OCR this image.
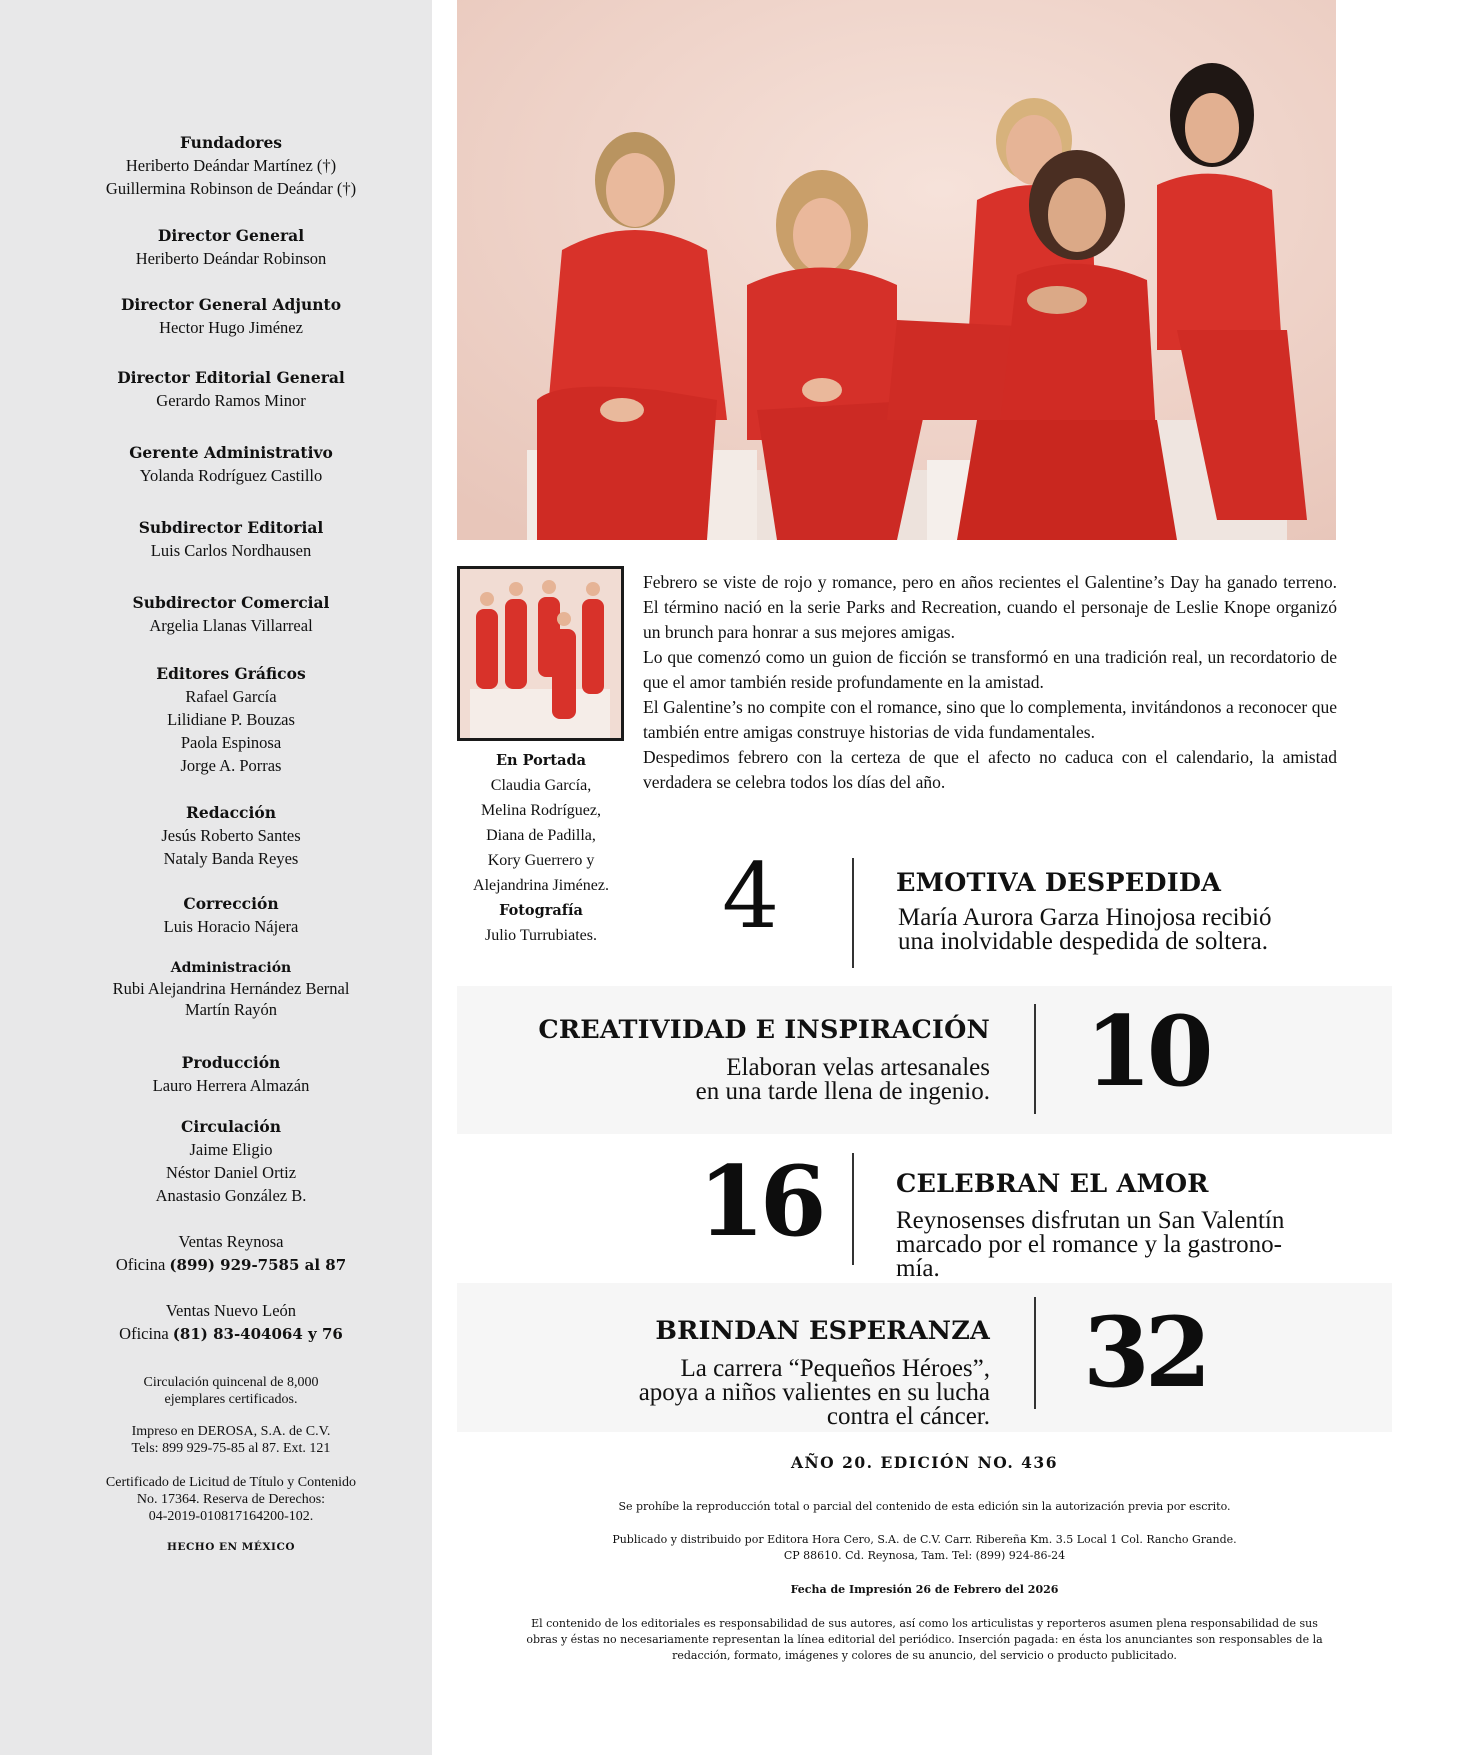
Fundadores
Heriberto Deándar Martínez (†)
Guillermina Robinson de Deándar (†)
Director General
Heriberto Deándar Robinson
Director General Adjunto
Hector Hugo Jiménez
Director Editorial General
Gerardo Ramos Minor
Gerente Administrativo
Yolanda Rodríguez Castillo
Subdirector Editorial
Luis Carlos Nordhausen
Subdirector Comercial
Argelia Llanas Villarreal
Editores Gráficos
Rafael García
Lilidiane P. Bouzas
Paola Espinosa
Jorge A. Porras
Redacción
Jesús Roberto Santes
Nataly Banda Reyes
Corrección
Luis Horacio Nájera
Administración
Rubi Alejandrina Hernández Bernal
Martín Rayón
Producción
Lauro Herrera Almazán
Circulación
Jaime Eligio
Néstor Daniel Ortiz
Anastasio González B.
Ventas Reynosa
Oficina (899) 929-7585 al 87
Ventas Nuevo León
Oficina (81) 83-404064 y 76
Circulación quincenal de 8,000
ejemplares certificados.
Impreso en DEROSA, S.A. de C.V.
Tels: 899 929-75-85 al 87. Ext. 121
Certificado de Licitud de Título y Contenido
No. 17364. Reserva de Derechos:
04-2019-010817164200-102.
HECHO EN MÉXICO
En Portada
Claudia García,
Melina Rodríguez,
Diana de Padilla,
Kory Guerrero y
Alejandrina Jiménez.
Fotografía
Julio Turrubiates.

Febrero se viste de rojo y romance, pero en años recientes el Galentine’s Day ha ganado terreno. El término nació en la serie Parks and Recreation, cuando el personaje de Leslie Knope organizó un brunch para honrar a sus mejores amigas.

Lo que comenzó como un guion de ficción se transformó en una tradición real, un recordatorio de que el amor también reside profundamente en la amistad.

El Galentine’s no compite con el romance, sino que lo complementa, invitándonos a reconocer que también entre amigas construye historias de vida fundamentales.

Despedimos febrero con la certeza de que el afecto no caduca con el calendario, la amistad verdadera se celebra todos los días del año.

4	EMOTIVA DESPEDIDA
María Aurora Garza Hinojosa recibió
una inolvidable despedida de soltera.
CREATIVIDAD E INSPIRACIÓN
Elaboran velas artesanales
en una tarde llena de ingenio. 10
16	CELEBRAN EL AMOR
Reynosenses disfrutan un San Valentín
marcado por el romance y la gastrono-
mía.
BRINDAN ESPERANZA
La carrera “Pequeños Héroes”,
apoya a niños valientes en su lucha
contra el cáncer.
32
AÑO 20. EDICIÓN NO. 436
Se prohíbe la reproducción total o parcial del contenido de esta edición sin la autorización previa por escrito.
Publicado y distribuido por Editora Hora Cero, S.A. de C.V. Carr. Ribereña Km. 3.5 Local 1 Col. Rancho Grande.
CP 88610. Cd. Reynosa, Tam. Tel: (899) 924-86-24
Fecha de Impresión 26 de Febrero del 2026
El contenido de los editoriales es responsabilidad de sus autores, así como los articulistas y reporteros asumen plena responsabilidad de sus
obras y éstas no necesariamente representan la línea editorial del periódico. Inserción pagada: en ésta los anunciantes son responsables de la
redacción, formato, imágenes y colores de su anuncio, del servicio o producto publicitado.
